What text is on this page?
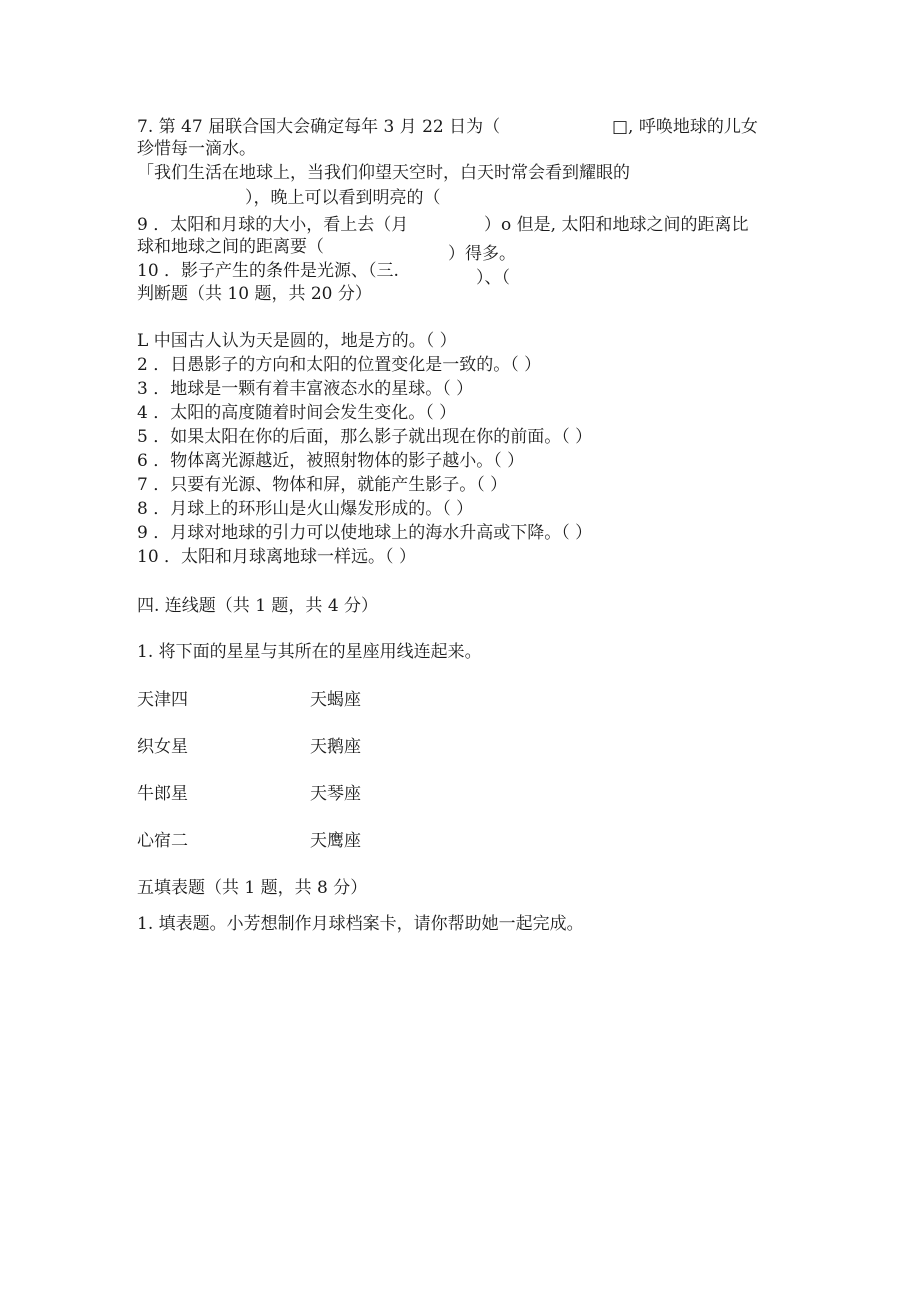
7. 第 47 届联合国大会确定每年 3 月 22 日为（	□, 呼唤地球的儿女
珍惜每一滴水。
「我们生活在地球上，当我们仰望天空时，白天时常会看到耀眼的
），晚上可以看到明亮的（
9 ．太阳和月球的大小，看上去（月	）o 但是, 太阳和地球之间的距离比
球和地球之间的距离要（	）得多。
10 ．影子产生的条件是光源、（三.	）、（
判断题（共 10 题，共 20 分）
L 中国古人认为天是圆的，地是方的。（ ）
2 ．日愚影子的方向和太阳的位置变化是一致的。（ ）
3 ．地球是一颗有着丰富液态水的星球。（ ）
4 ．太阳的高度随着时间会发生变化。（ ）
5 ．如果太阳在你的后面，那么影子就出现在你的前面。（ ）
6 ．物体离光源越近，被照射物体的影子越小。（ ）
7 ．只要有光源、物体和屏，就能产生影子。（ ）
8 ．月球上的环形山是火山爆发形成的。（ ）
9 ．月球对地球的引力可以使地球上的海水升高或下降。（ ）
10 ．太阳和月球离地球一样远。（ ）
四. 连线题（共 1 题，共 4 分）
1. 将下面的星星与其所在的星座用线连起来。
天津四	天蝎座
织女星	天鹅座
牛郎星	天琴座
心宿二	天鹰座
五填表题（共 1 题，共 8 分）
1. 填表题。小芳想制作月球档案卡，请你帮助她一起完成。
